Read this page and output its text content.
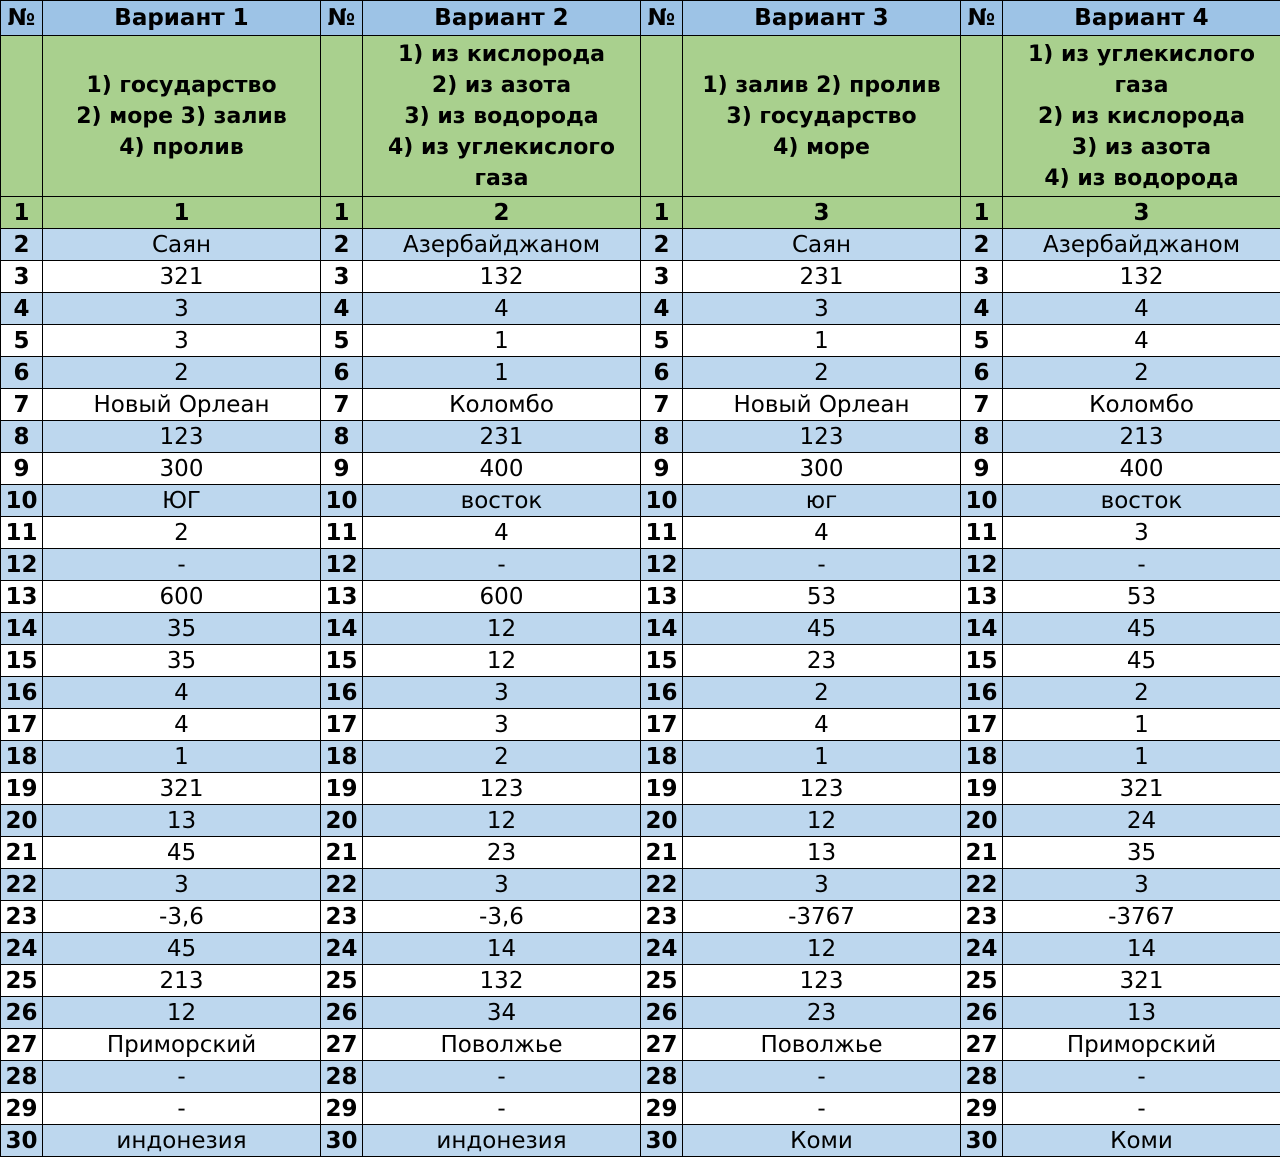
№	Вариант 1	№	Вариант 2	№	Вариант 3	№	Вариант 4

	1) государство
2) море 3) залив
4) пролив		1) из кислорода
2) из азота
3) из водорода
4) из углекислого газа		1) залив 2) пролив
3) государство
4) море		1) из углекислого газа
2) из кислорода
3) из азота
4) из водорода

1	1	1	2	1	3	1	3
2	Саян	2	Азербайджаном	2	Саян	2	Азербайджаном
3	321	3	132	3	231	3	132
4	3	4	4	4	3	4	4
5	3	5	1	5	1	5	4
6	2	6	1	6	2	6	2
7	Новый Орлеан	7	Коломбо	7	Новый Орлеан	7	Коломбо
8	123	8	231	8	123	8	213
9	300	9	400	9	300	9	400
10	ЮГ	10	восток	10	юг	10	восток
11	2	11	4	11	4	11	3
12	-	12	-	12	-	12	-
13	600	13	600	13	53	13	53
14	35	14	12	14	45	14	45
15	35	15	12	15	23	15	45
16	4	16	3	16	2	16	2
17	4	17	3	17	4	17	1
18	1	18	2	18	1	18	1
19	321	19	123	19	123	19	321
20	13	20	12	20	12	20	24
21	45	21	23	21	13	21	35
22	3	22	3	22	3	22	3
23	-3,6	23	-3,6	23	-3767	23	-3767
24	45	24	14	24	12	24	14
25	213	25	132	25	123	25	321
26	12	26	34	26	23	26	13
27	Приморский	27	Поволжье	27	Поволжье	27	Приморский
28	-	28	-	28	-	28	-
29	-	29	-	29	-	29	-
30	индонезия	30	индонезия	30	Коми	30	Коми
